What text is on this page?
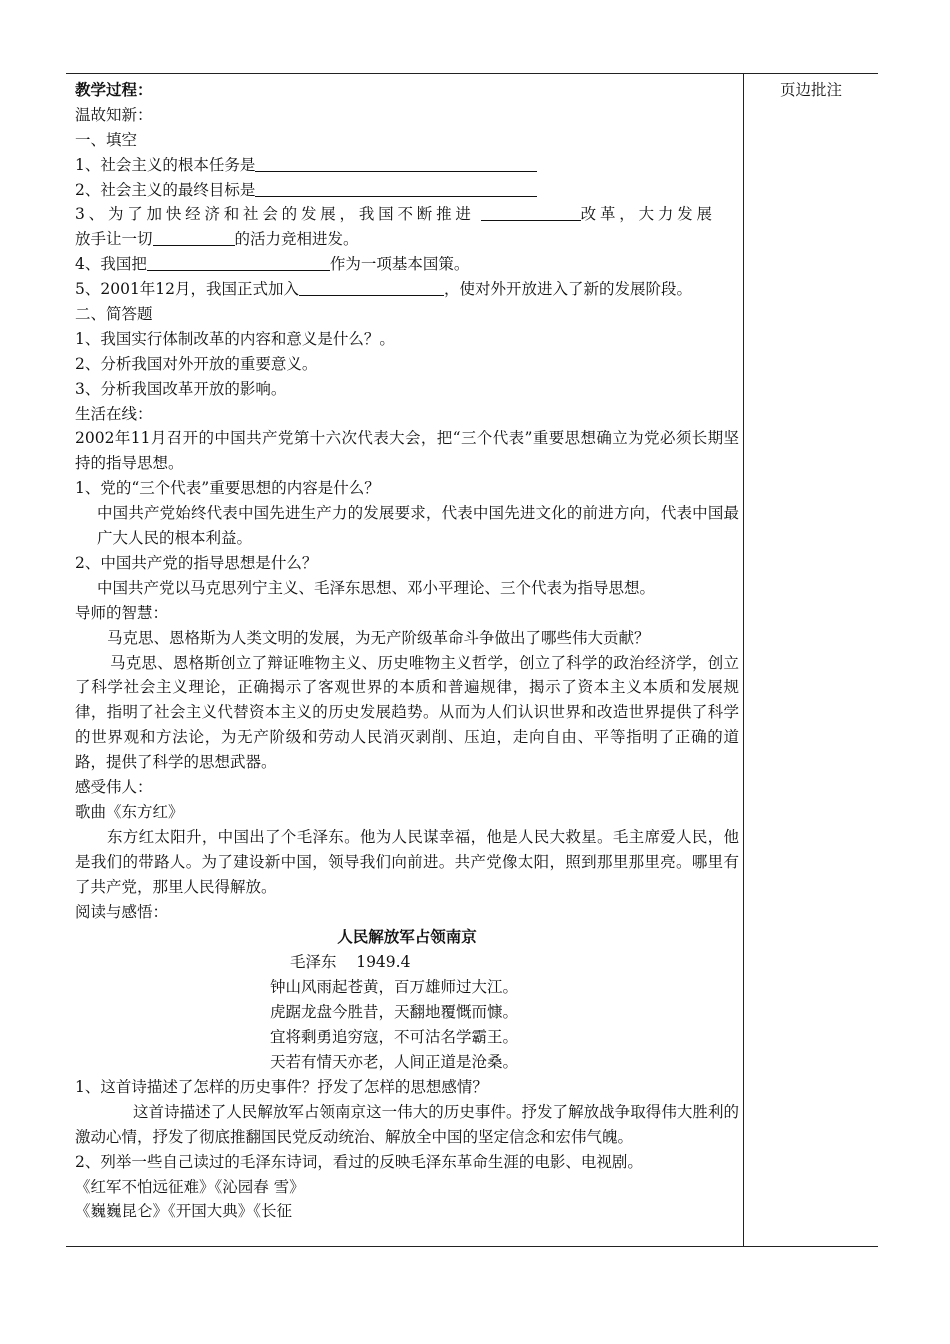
页边批注
教学过程：
温故知新：
一、填空
1、社会主义的根本任务是
2、社会主义的最终目标是
3、为了加快经济和社会的发展，我国不断推进	改革，大力发展
放手让一切	的活力竞相进发。
4、我国把	作为一项基本国策。
5、2001年12月，我国正式加入	，使对外开放进入了新的发展阶段。
二、简答题
1、我国实行体制改革的内容和意义是什么？。
2、分析我国对外开放的重要意义。
3、分析我国改革开放的影响。
生活在线：
2002年11月召开的中国共产党第十六次代表大会，把“三个代表”重要思想确立为党必须长期坚持的指导思想。
1、党的“三个代表”重要思想的内容是什么？
中国共产党始终代表中国先进生产力的发展要求，代表中国先进文化的前进方向，代表中国最广大人民的根本利益。
2、中国共产党的指导思想是什么？
中国共产党以马克思列宁主义、毛泽东思想、邓小平理论、三个代表为指导思想。
导师的智慧：
马克思、恩格斯为人类文明的发展，为无产阶级革命斗争做出了哪些伟大贡献？
马克思、恩格斯创立了辩证唯物主义、历史唯物主义哲学，创立了科学的政治经济学，创立了科学社会主义理论，正确揭示了客观世界的本质和普遍规律，揭示了资本主义本质和发展规律，指明了社会主义代替资本主义的历史发展趋势。从而为人们认识世界和改造世界提供了科学的世界观和方法论，为无产阶级和劳动人民消灭剥削、压迫，走向自由、平等指明了正确的道路，提供了科学的思想武器。
感受伟人：
歌曲《东方红》
东方红太阳升，中国出了个毛泽东。他为人民谋幸福，他是人民大救星。毛主席爱人民，他是我们的带路人。为了建设新中国，领导我们向前进。共产党像太阳，照到那里那里亮。哪里有了共产党，那里人民得解放。
阅读与感悟：
人民解放军占领南京
毛泽东    1949.4
钟山风雨起苍黄，百万雄师过大江。
虎踞龙盘今胜昔，天翻地覆慨而慷。
宜将剩勇追穷寇，不可沽名学霸王。
天若有情天亦老，人间正道是沧桑。
1、这首诗描述了怎样的历史事件？抒发了怎样的思想感情？
这首诗描述了人民解放军占领南京这一伟大的历史事件。抒发了解放战争取得伟大胜利的激动心情，抒发了彻底推翻国民党反动统治、解放全中国的坚定信念和宏伟气魄。
2、列举一些自己读过的毛泽东诗词，看过的反映毛泽东革命生涯的电影、电视剧。
《红军不怕远征难》《沁园春 雪》
《巍巍昆仑》《开国大典》《长征
